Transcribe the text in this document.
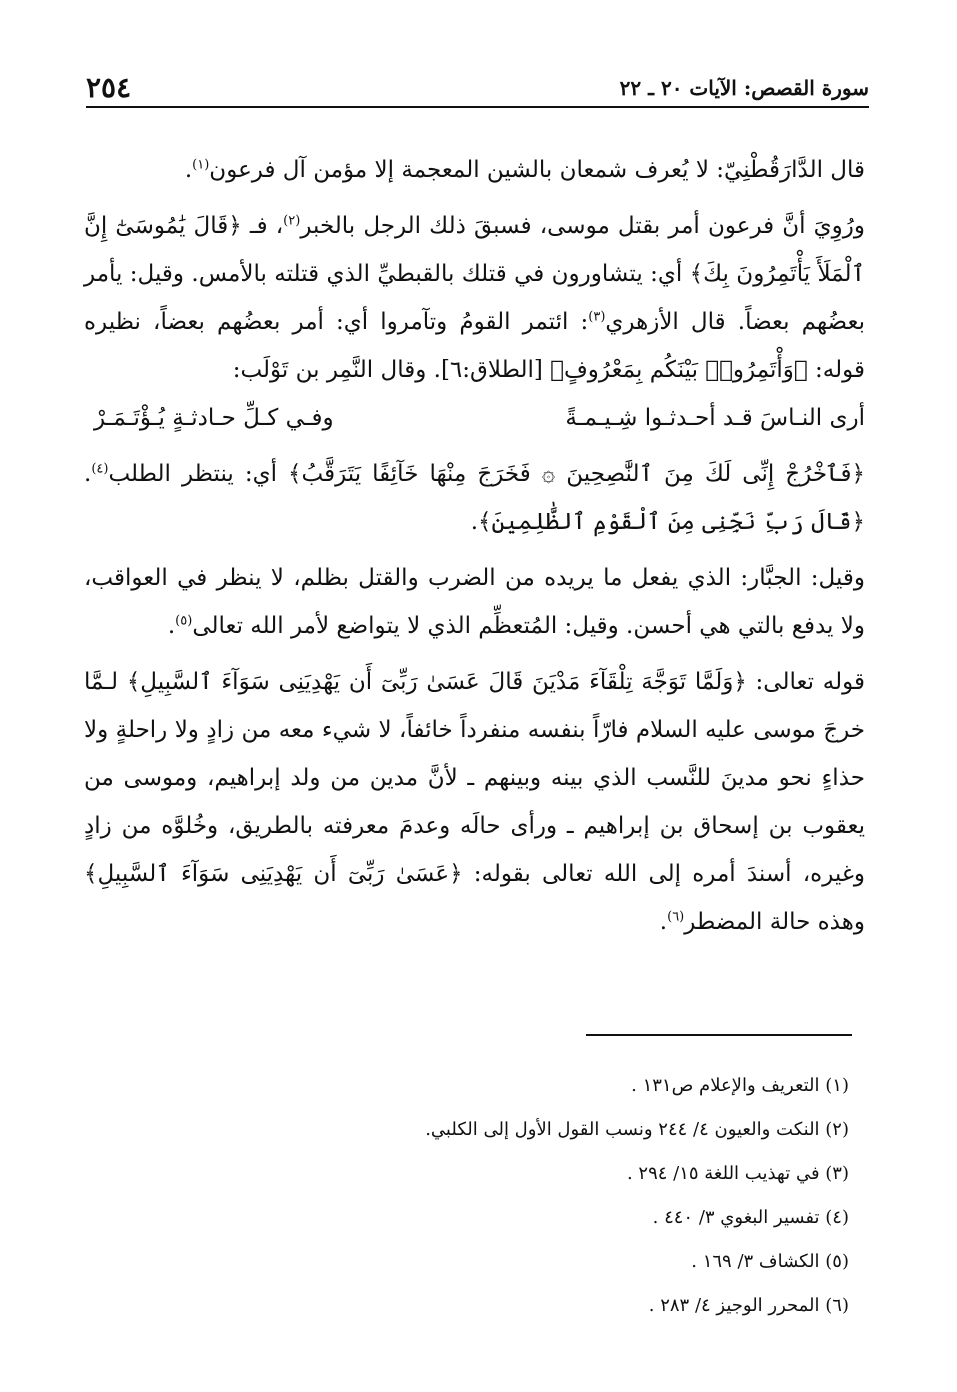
سورة القصص: الآيات ٢٠ ـ ٢٢
٢٥٤

قال الدَّارَقُطْنِيّ: لا يُعرف شمعان بالشين المعجمة إلا مؤمن آل فرعون$^{(١)}$.

ورُوِيَ أنَّ فرعون أمر بقتل موسى، فسبقَ ذلك الرجل بالخبر$^{(٢)}$، فـ ﴿قَالَ يَٰمُوسَىٰٓ إِنَّ ٱلْمَلَأَ يَأْتَمِرُونَ بِكَ﴾ أي: يتشاورون في قتلك بالقبطيِّ الذي قتلته بالأمس. وقيل: يأمر بعضُهم بعضاً. قال الأزهري$^{(٣)}$: ائتمر القومُ وتآمروا أي: أمر بعضُهم بعضاً، نظيره قوله: ﴿وَأْتَمِرُوا۟ بَيْنَكُم بِمَعْرُوفٍ﴾ [الطلاق:٦]. وقال النَّمِر بن تَوْلَب:

أرى النـاسَ قـد أحـدثـوا شِـيـمـةً
وفـي كـلِّ حـادثـةٍ يُـؤْتَـمَـرْ

﴿فَٱخْرُجْ إِنِّى لَكَ مِنَ ٱلنَّٰصِحِينَ ۞ فَخَرَجَ مِنْهَا خَآئِفًا يَتَرَقَّبُ﴾ أي: ينتظر الطلب$^{(٤)}$. ﴿قَالَ رَبِّ نَجِّنِى مِنَ ٱلْقَوْمِ ٱلظَّٰلِمِينَ﴾.

وقيل: الجبَّار: الذي يفعل ما يريده من الضرب والقتل بظلم، لا ينظر في العواقب، ولا يدفع بالتي هي أحسن. وقيل: المُتعظِّم الذي لا يتواضع لأمر الله تعالى$^{(٥)}$.

قوله تعالى: ﴿وَلَمَّا تَوَجَّهَ تِلْقَآءَ مَدْيَنَ قَالَ عَسَىٰ رَبِّىٓ أَن يَهْدِيَنِى سَوَآءَ ٱلسَّبِيلِ﴾ لـمَّا خرجَ موسى عليه السلام فارّاً بنفسه منفرداً خائفاً، لا شيء معه من زادٍ ولا راحلةٍ ولا حذاءٍ نحو مدينَ للنَّسب الذي بينه وبينهم ـ لأنَّ مدين من ولد إبراهيم، وموسى من يعقوب بن إسحاق بن إبراهيم ـ ورأى حالَه وعدمَ معرفته بالطريق، وخُلوَّه من زادٍ وغيره، أسندَ أمره إلى الله تعالى بقوله: ﴿عَسَىٰ رَبِّىٓ أَن يَهْدِيَنِى سَوَآءَ ٱلسَّبِيلِ﴾ وهذه حالة المضطر$^{(٦)}$.

(١) التعريف والإعلام ص١٣١ .
(٢) النكت والعيون ٤/ ٢٤٤ ونسب القول الأول إلى الكلبي.
(٣) في تهذيب اللغة ١٥/ ٢٩٤ .
(٤) تفسير البغوي ٣/ ٤٤٠ .
(٥) الكشاف ٣/ ١٦٩ .
(٦) المحرر الوجيز ٤/ ٢٨٣ .
